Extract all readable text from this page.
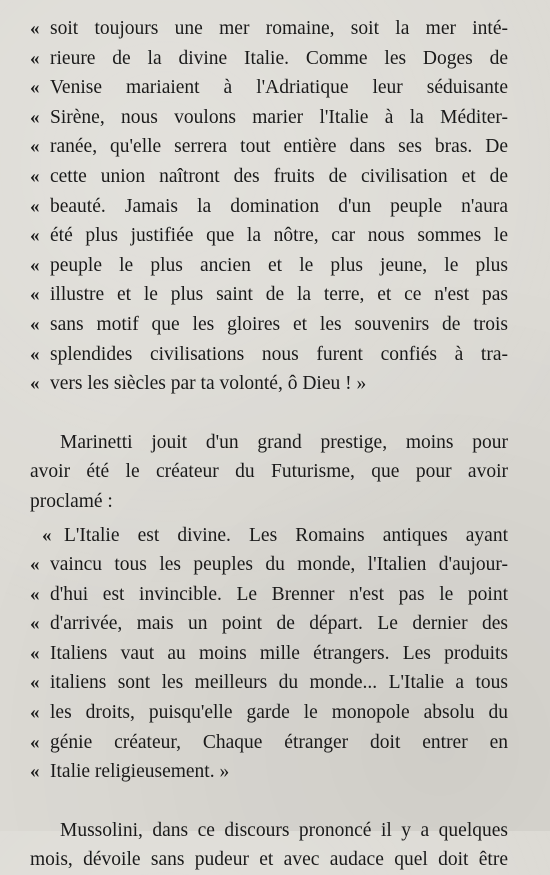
« soit toujours une mer romaine, soit la mer inté-
« rieure de la divine Italie. Comme les Doges de
« Venise mariaient à l'Adriatique leur séduisante
« Sirène, nous voulons marier l'Italie à la Méditer-
« ranée, qu'elle serrera tout entière dans ses bras. De
« cette union naîtront des fruits de civilisation et de
« beauté. Jamais la domination d'un peuple n'aura
« été plus justifiée que la nôtre, car nous sommes le
« peuple le plus ancien et le plus jeune, le plus
« illustre et le plus saint de la terre, et ce n'est pas
« sans motif que les gloires et les souvenirs de trois
« splendides civilisations nous furent confiés à tra-
« vers les siècles par ta volonté, ô Dieu ! »
Marinetti jouit d'un grand prestige, moins pour
avoir été le créateur du Futurisme, que pour avoir
proclamé :
« L'Italie est divine. Les Romains antiques ayant
« vaincu tous les peuples du monde, l'Italien d'aujour-
« d'hui est invincible. Le Brenner n'est pas le point
« d'arrivée, mais un point de départ. Le dernier des
« Italiens vaut au moins mille étrangers. Les produits
« italiens sont les meilleurs du monde... L'Italie a tous
« les droits, puisqu'elle garde le monopole absolu du
« génie créateur, Chaque étranger doit entrer en
« Italie religieusement. »
Mussolini, dans ce discours prononcé il y a quelques
mois, dévoile sans pudeur et avec audace quel doit être
